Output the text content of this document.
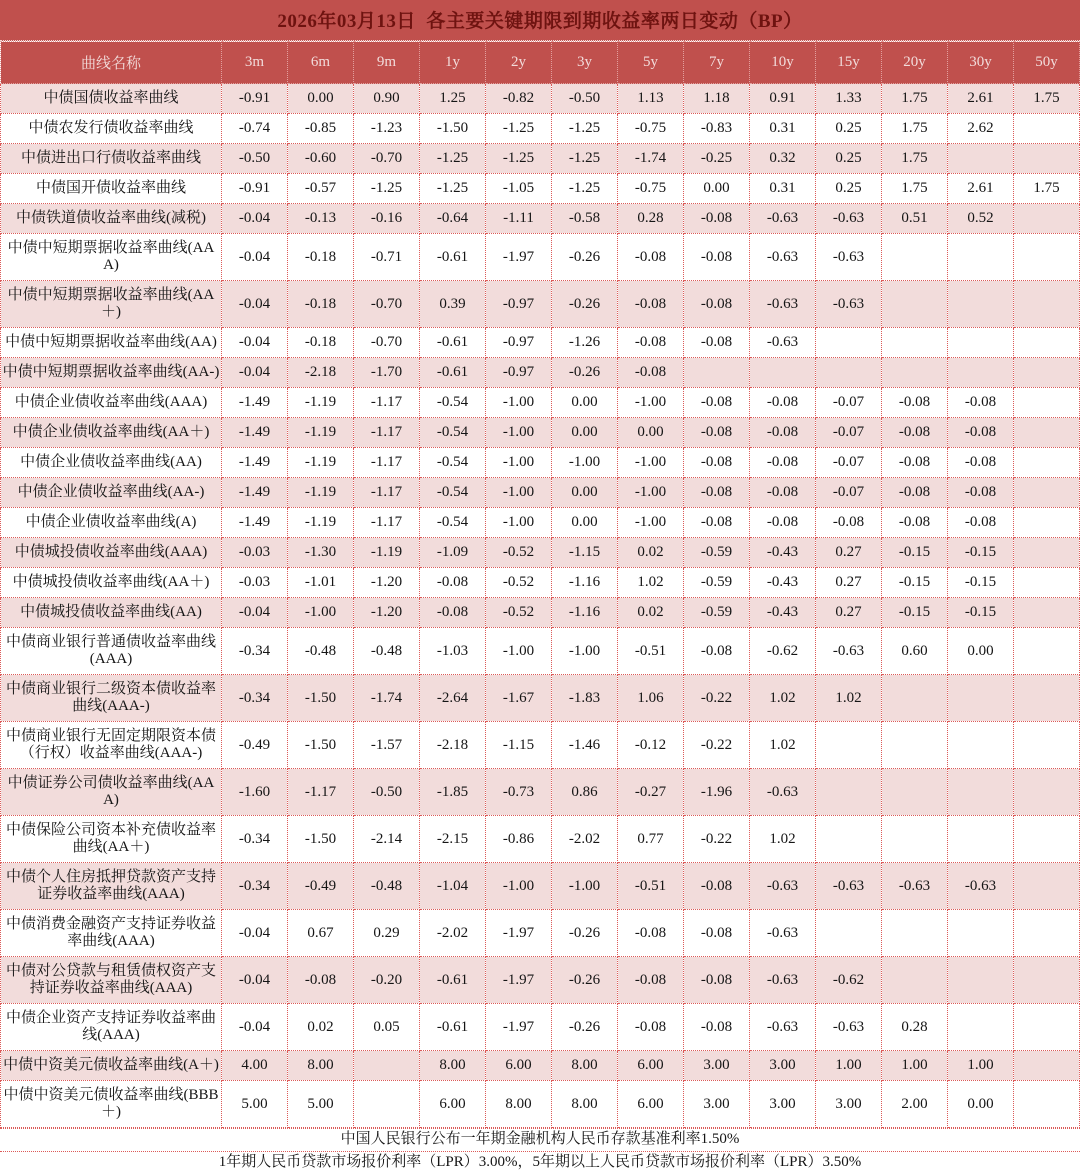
2026年03月13日  各主要关键期限到期收益率两日变动（BP）
曲线名称	3m	6m	9m	1y	2y	3y	5y	7y	10y	15y	20y	30y	50y
中债国债收益率曲线	-0.91	0.00	0.90	1.25	-0.82	-0.50	1.13	1.18	0.91	1.33	1.75	2.61	1.75
中债农发行债收益率曲线	-0.74	-0.85	-1.23	-1.50	-1.25	-1.25	-0.75	-0.83	0.31	0.25	1.75	2.62	
中债进出口行债收益率曲线	-0.50	-0.60	-0.70	-1.25	-1.25	-1.25	-1.74	-0.25	0.32	0.25	1.75		
中债国开债收益率曲线	-0.91	-0.57	-1.25	-1.25	-1.05	-1.25	-0.75	0.00	0.31	0.25	1.75	2.61	1.75
中债铁道债收益率曲线(减税)	-0.04	-0.13	-0.16	-0.64	-1.11	-0.58	0.28	-0.08	-0.63	-0.63	0.51	0.52	
中债中短期票据收益率曲线(AAA)	-0.04	-0.18	-0.71	-0.61	-1.97	-0.26	-0.08	-0.08	-0.63	-0.63			
中债中短期票据收益率曲线(AA＋)	-0.04	-0.18	-0.70	0.39	-0.97	-0.26	-0.08	-0.08	-0.63	-0.63			
中债中短期票据收益率曲线(AA)	-0.04	-0.18	-0.70	-0.61	-0.97	-1.26	-0.08	-0.08	-0.63				
中债中短期票据收益率曲线(AA-)	-0.04	-2.18	-1.70	-0.61	-0.97	-0.26	-0.08						
中债企业债收益率曲线(AAA)	-1.49	-1.19	-1.17	-0.54	-1.00	0.00	-1.00	-0.08	-0.08	-0.07	-0.08	-0.08	
中债企业债收益率曲线(AA＋)	-1.49	-1.19	-1.17	-0.54	-1.00	0.00	0.00	-0.08	-0.08	-0.07	-0.08	-0.08	
中债企业债收益率曲线(AA)	-1.49	-1.19	-1.17	-0.54	-1.00	-1.00	-1.00	-0.08	-0.08	-0.07	-0.08	-0.08	
中债企业债收益率曲线(AA-)	-1.49	-1.19	-1.17	-0.54	-1.00	0.00	-1.00	-0.08	-0.08	-0.07	-0.08	-0.08	
中债企业债收益率曲线(A)	-1.49	-1.19	-1.17	-0.54	-1.00	0.00	-1.00	-0.08	-0.08	-0.08	-0.08	-0.08	
中债城投债收益率曲线(AAA)	-0.03	-1.30	-1.19	-1.09	-0.52	-1.15	0.02	-0.59	-0.43	0.27	-0.15	-0.15	
中债城投债收益率曲线(AA＋)	-0.03	-1.01	-1.20	-0.08	-0.52	-1.16	1.02	-0.59	-0.43	0.27	-0.15	-0.15	
中债城投债收益率曲线(AA)	-0.04	-1.00	-1.20	-0.08	-0.52	-1.16	0.02	-0.59	-0.43	0.27	-0.15	-0.15	
中债商业银行普通债收益率曲线(AAA)	-0.34	-0.48	-0.48	-1.03	-1.00	-1.00	-0.51	-0.08	-0.62	-0.63	0.60	0.00	
中债商业银行二级资本债收益率曲线(AAA-)	-0.34	-1.50	-1.74	-2.64	-1.67	-1.83	1.06	-0.22	1.02	1.02			
中债商业银行无固定期限资本债（行权）收益率曲线(AAA-)	-0.49	-1.50	-1.57	-2.18	-1.15	-1.46	-0.12	-0.22	1.02				
中债证券公司债收益率曲线(AAA)	-1.60	-1.17	-0.50	-1.85	-0.73	0.86	-0.27	-1.96	-0.63				
中债保险公司资本补充债收益率曲线(AA＋)	-0.34	-1.50	-2.14	-2.15	-0.86	-2.02	0.77	-0.22	1.02				
中债个人住房抵押贷款资产支持证券收益率曲线(AAA)	-0.34	-0.49	-0.48	-1.04	-1.00	-1.00	-0.51	-0.08	-0.63	-0.63	-0.63	-0.63	
中债消费金融资产支持证券收益率曲线(AAA)	-0.04	0.67	0.29	-2.02	-1.97	-0.26	-0.08	-0.08	-0.63				
中债对公贷款与租赁债权资产支持证券收益率曲线(AAA)	-0.04	-0.08	-0.20	-0.61	-1.97	-0.26	-0.08	-0.08	-0.63	-0.62			
中债企业资产支持证券收益率曲线(AAA)	-0.04	0.02	0.05	-0.61	-1.97	-0.26	-0.08	-0.08	-0.63	-0.63	0.28		
中债中资美元债收益率曲线(A＋)	4.00	8.00		8.00	6.00	8.00	6.00	3.00	3.00	1.00	1.00	1.00	
中债中资美元债收益率曲线(BBB＋)	5.00	5.00		6.00	8.00	8.00	6.00	3.00	3.00	3.00	2.00	0.00	
中国人民银行公布一年期金融机构人民币存款基准利率1.50%
1年期人民币贷款市场报价利率（LPR）3.00%，5年期以上人民币贷款市场报价利率（LPR）3.50%
